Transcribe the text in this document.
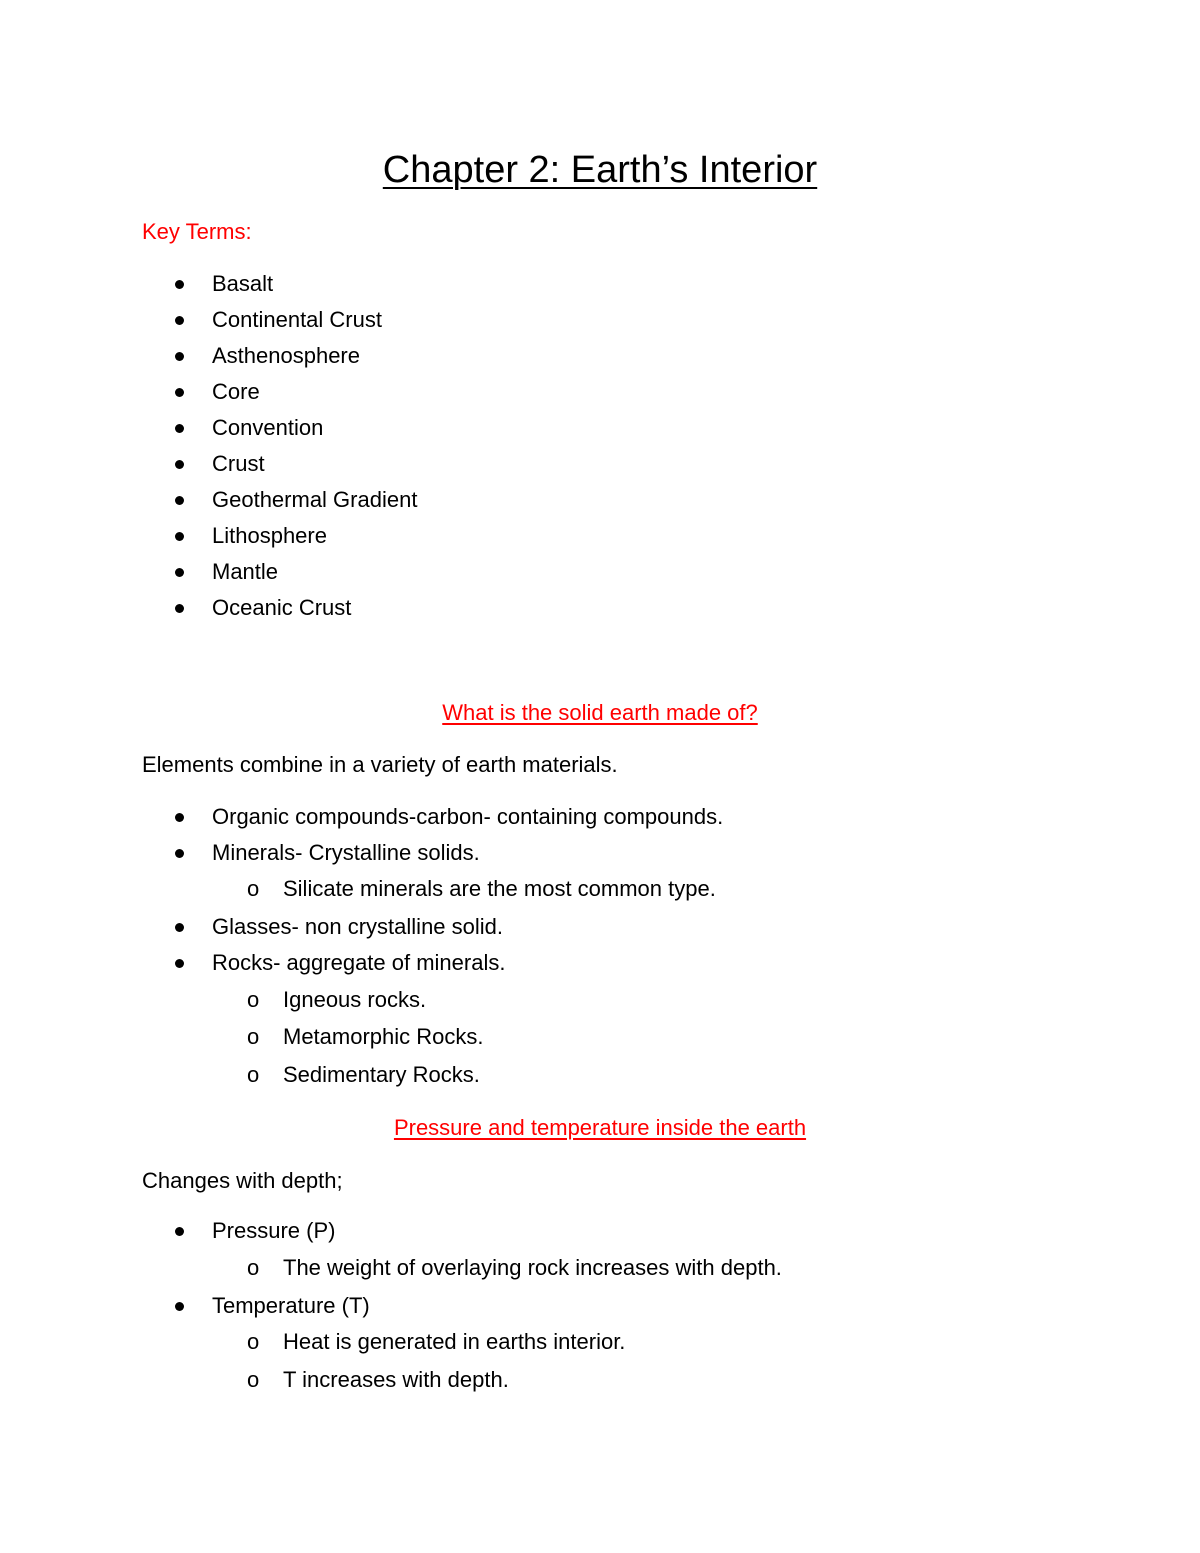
Chapter 2: Earth’s Interior
Key Terms:
Basalt
Continental Crust
Asthenosphere
Core
Convention
Crust
Geothermal Gradient
Lithosphere
Mantle
Oceanic Crust
What is the solid earth made of?

Elements combine in a variety of earth materials.

Organic compounds-carbon- containing compounds.
Minerals- Crystalline solids.
o Silicate minerals are the most common type.
Glasses- non crystalline solid.
Rocks- aggregate of minerals.
o Igneous rocks.
o Metamorphic Rocks.
o Sedimentary Rocks.
Pressure and temperature inside the earth

Changes with depth;

Pressure (P)
o The weight of overlaying rock increases with depth.
Temperature (T)
o Heat is generated in earths interior.
o T increases with depth.
